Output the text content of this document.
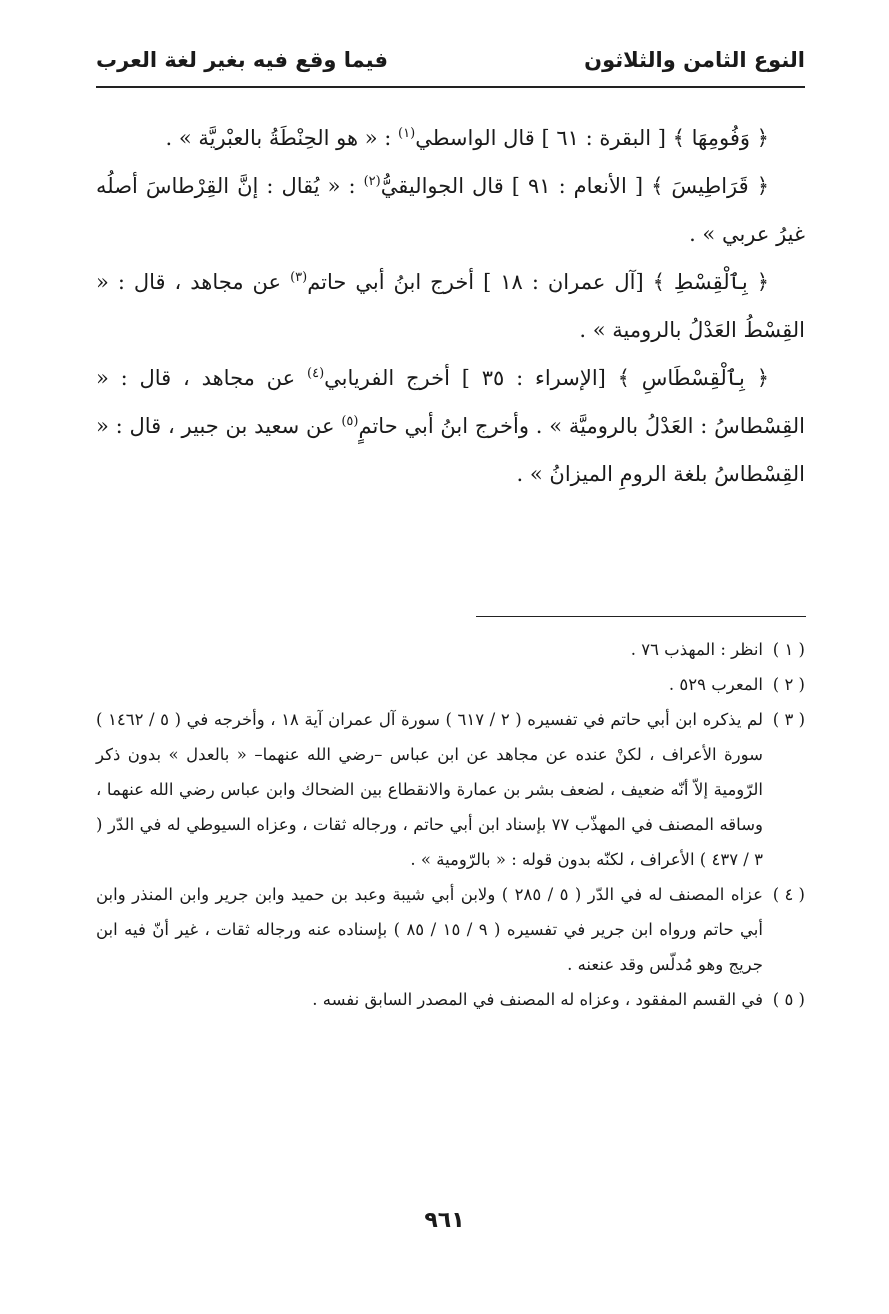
النوع الثامن والثلاثون
فيما وقع فيه بغير لغة العرب

﴿ وَفُومِهَا ﴾ [ البقرة : ٦١ ] قال الواسطي$^{(١)}$ : « هو الحِنْطَةُ بالعبْريَّة » .

﴿ قَرَاطِيسَ ﴾ [ الأنعام : ٩١ ] قال الجواليقيُّ$^{(٢)}$ : « يُقال : إنَّ القِرْطاسَ أصلُه غيرُ عربي » .

﴿ بِٱلْقِسْطِ ﴾ [آل عمران : ١٨ ] أخرج ابنُ أبي حاتم$^{(٣)}$ عن مجاهد ، قال : « القِسْطُ العَدْلُ بالرومية » .

﴿ بِٱلْقِسْطَاسِ ﴾ [الإسراء : ٣٥ ] أخرج الفريابي$^{(٤)}$ عن مجاهد ، قال : « القِسْطاسُ : العَدْلُ بالروميَّة » . وأخرج ابنُ أبي حاتمٍ$^{(٥)}$ عن سعيد بن جبير ، قال : « القِسْطاسُ بلغة الرومِ الميزانُ » .

( ١ )انظر : المهذب ٧٦ .

( ٢ )المعرب ٥٢٩ .

( ٣ )لم يذكره ابن أبي حاتم في تفسيره ( ٢ / ٦١٧ ) سورة آل عمران آية ١٨ ، وأخرجه في ( ٥ / ١٤٦٢ ) سورة الأعراف ، لكنْ عنده عن مجاهد عن ابن عباس –رضي الله عنهما– « بالعدل » بدون ذكر الرّومية إلاّ أنّه ضعيف ، لضعف بشر بن عمارة والانقطاع بين الضحاك وابن عباس رضي الله عنهما ، وساقه المصنف في المهذّب ٧٧ بإسناد ابن أبي حاتم ، ورجاله ثقات ، وعزاه السيوطي له في الدّر ( ٣ / ٤٣٧ ) الأعراف ، لكنّه بدون قوله : « بالرّومية » .

( ٤ )عزاه المصنف له في الدّر ( ٥ / ٢٨٥ ) ولابن أبي شيبة وعبد بن حميد وابن جرير وابن المنذر وابن أبي حاتم ورواه ابن جرير في تفسيره ( ٩ / ١٥ / ٨٥ ) بإسناده عنه ورجاله ثقات ، غير أنّ فيه ابن جريج وهو مُدلّس وقد عنعنه .

( ٥ )في القسم المفقود ، وعزاه له المصنف في المصدر السابق نفسه .

٩٦١
